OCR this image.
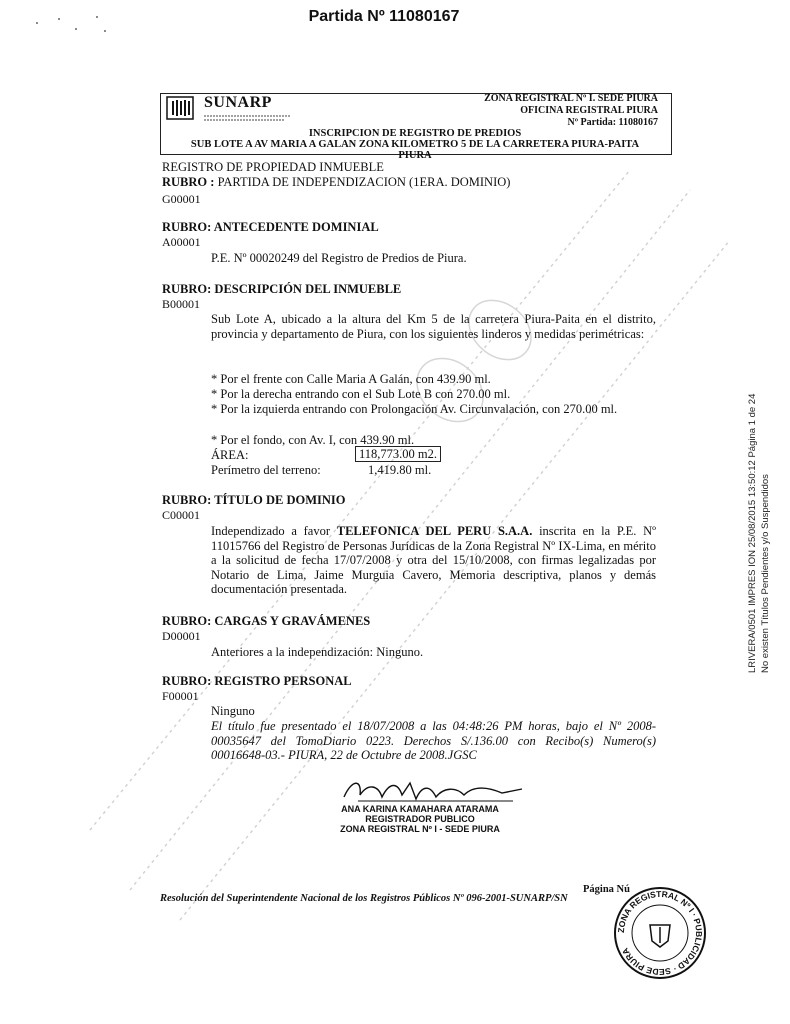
Partida Nº 11080167
SUNARP	ZONA REGISTRAL Nº I. SEDE PIURA
OFICINA REGISTRAL PIURA
Nº Partida: 11080167
INSCRIPCION DE REGISTRO DE PREDIOS
SUB LOTE A AV MARIA A GALAN ZONA KILOMETRO 5 DE LA CARRETERA PIURA-PAITA
PIURA
REGISTRO DE PROPIEDAD INMUEBLE
RUBRO : PARTIDA DE INDEPENDIZACION (1ERA. DOMINIO)
G00001
RUBRO: ANTECEDENTE DOMINIAL
A00001
P.E. Nº 00020249 del Registro de Predios de Piura.
RUBRO: DESCRIPCIÓN DEL INMUEBLE
B00001
Sub Lote A, ubicado a la altura del Km 5 de la carretera Piura-Paita en el distrito, provincia y departamento de Piura, con los siguientes linderos y medidas perimétricas:
* Por el frente con Calle Maria A Galán, con 439.90 ml.
* Por la derecha entrando con el Sub Lote B con 270.00 ml.
* Por la izquierda entrando con Prolongación Av. Circunvalación, con 270.00 ml.
* Por el fondo, con Av. I, con 439.90 ml.
ÁREA:	118,773.00 m2.
Perímetro del terreno:	1,419.80 ml.
RUBRO: TÍTULO DE DOMINIO
C00001
Independizado a favor TELEFONICA DEL PERU S.A.A. inscrita en la P.E. Nº 11015766 del Registro de Personas Jurídicas de la Zona Registral Nº IX-Lima, en mérito a la solicitud de fecha 17/07/2008 y otra del 15/10/2008, con firmas legalizadas por Notario de Lima, Jaime Murguia Cavero, Memoria descriptiva, planos y demás documentación presentada.
RUBRO: CARGAS Y GRAVÁMENES
D00001
Anteriores a la independización: Ninguno.
RUBRO: REGISTRO PERSONAL
F00001
Ninguno
El título fue presentado el 18/07/2008 a las 04:48:26 PM horas, bajo el Nº 2008-00035647 del TomoDiario 0223. Derechos S/.136.00 con Recibo(s) Numero(s) 00016648-03.- PIURA, 22 de Octubre de 2008.JGSC
ANA KARINA KAMAHARA ATARAMA
REGISTRADOR PUBLICO
ZONA REGISTRAL Nº I - SEDE PIURA
Página Nú
Resolución del Superintendente Nacional de los Registros Públicos Nº 096-2001-SUNARP/SN
ZONA REGISTRAL Nº I · PUBLICIDAD · SEDE PIURA
LRIVERA/0501 IMPRES ION 25/08/2015 13:50:12 Página 1 de 24 No existen Títulos Pendientes y/o Suspendidos
